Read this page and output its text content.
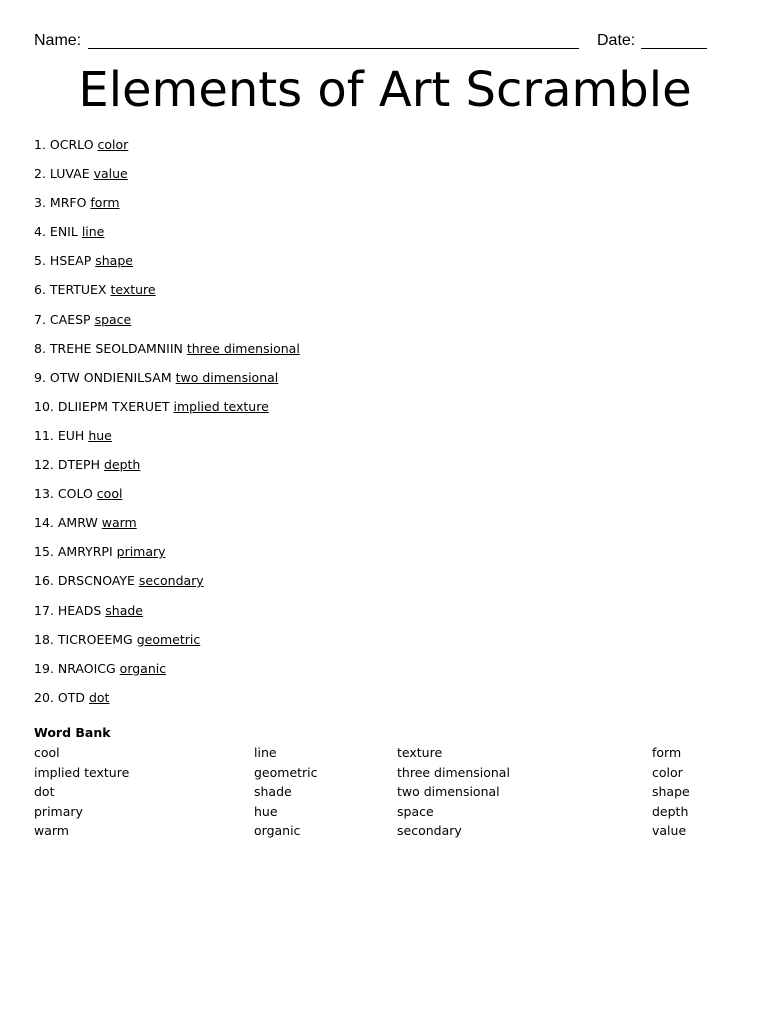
Name:	Date:
Elements of Art Scramble
1. OCRLO color
2. LUVAE value
3. MRFO form
4. ENIL line
5. HSEAP shape
6. TERTUEX texture
7. CAESP space
8. TREHE SEOLDAMNIIN three dimensional
9. OTW ONDIENILSAM two dimensional
10. DLIIEPM TXERUET implied texture
11. EUH hue
12. DTEPH depth
13. COLO cool
14. AMRW warm
15. AMRYRPI primary
16. DRSCNOAYE secondary
17. HEADS shade
18. TICROEEMG geometric
19. NRAOICG organic
20. OTD dot
Word Bank
cool
implied texture
dot
primary
warm
line
geometric
shade
hue
organic
texture
three dimensional
two dimensional
space
secondary
form
color
shape
depth
value
